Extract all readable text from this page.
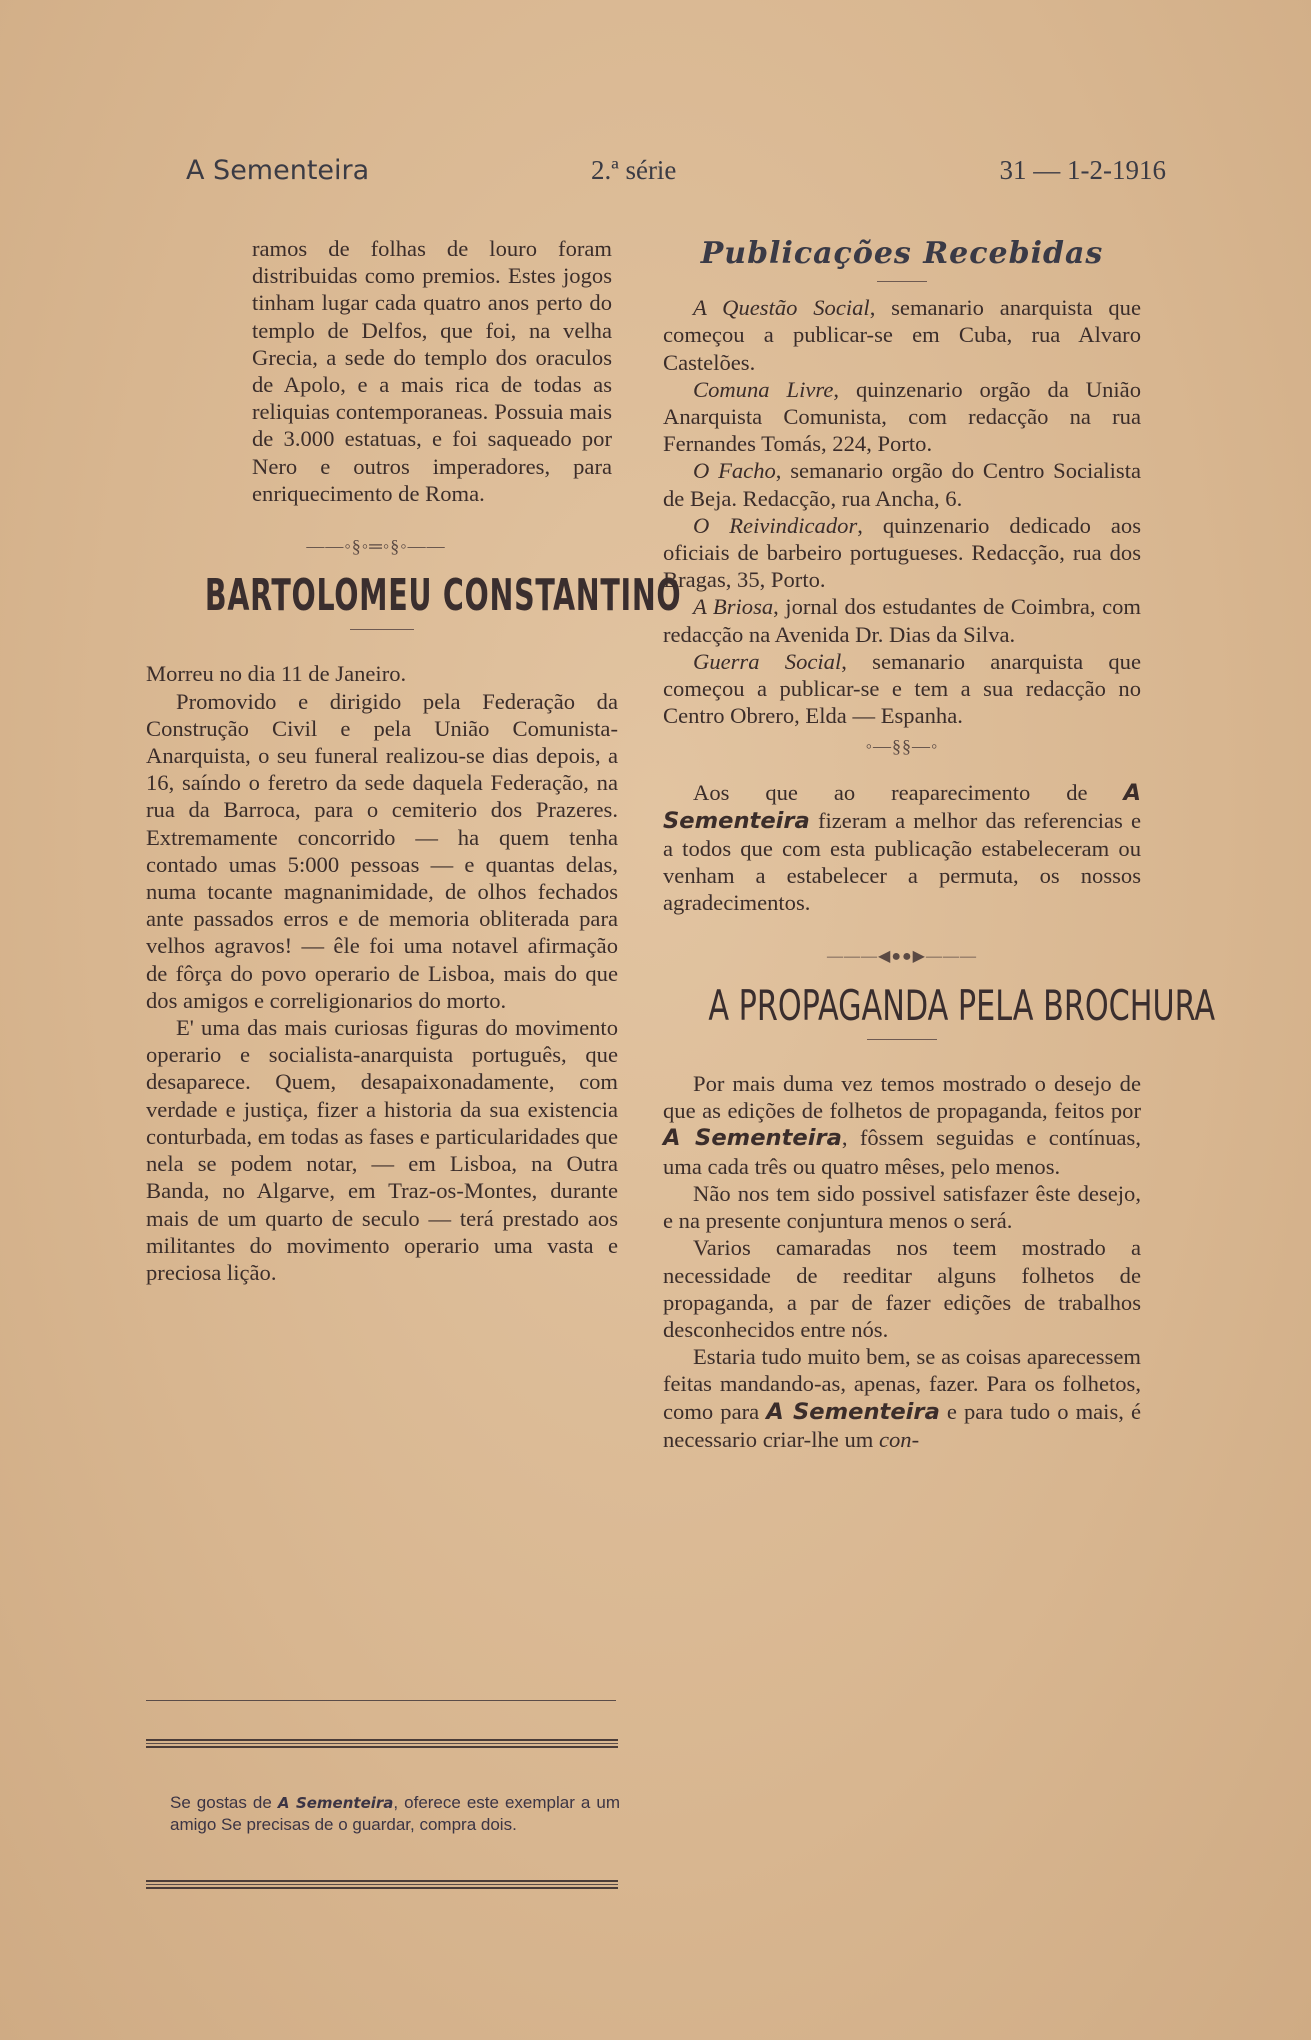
A Sementeira	2.ª série	31 — 1-2-1916

ramos de folhas de louro foram distribuidas como premios. Estes jogos tinham lugar cada quatro anos perto do templo de Delfos, que foi, na velha Grecia, a sede do templo dos oraculos de Apolo, e a mais rica de todas as reliquias contemporaneas. Possuia mais de 3.000 estatuas, e foi saqueado por Nero e outros imperadores, para enriquecimento de Roma.

——◦§◦═◦§◦——
BARTOLOMEU CONSTANTINO

Morreu no dia 11 de Janeiro.

Promovido e dirigido pela Federação da Construção Civil e pela União Comunista-Anarquista, o seu funeral realizou-se dias depois, a 16, saíndo o feretro da sede daquela Federação, na rua da Barroca, para o cemiterio dos Prazeres. Extremamente concorrido — ha quem tenha contado umas 5:000 pessoas — e quantas delas, numa tocante magnanimidade, de olhos fechados ante passados erros e de memoria obliterada para velhos agravos! — êle foi uma notavel afirmação de fôrça do povo operario de Lisboa, mais do que dos amigos e correligionarios do morto.

E' uma das mais curiosas figuras do movimento operario e socialista-anarquista português, que desaparece. Quem, desapaixonadamente, com verdade e justiça, fizer a historia da sua existencia conturbada, em todas as fases e particularidades que nela se podem notar, — em Lisboa, na Outra Banda, no Algarve, em Traz-os-Montes, durante mais de um quarto de seculo — terá prestado aos militantes do movimento operario uma vasta e preciosa lição.

Se gostas de A Sementeira, oferece este exemplar a um amigo Se precisas de o guardar, compra dois.
Publicações Recebidas

A Questão Social, semanario anarquista que começou a publicar-se em Cuba, rua Alvaro Castelões.

Comuna Livre, quinzenario orgão da União Anarquista Comunista, com redacção na rua Fernandes Tomás, 224, Porto.

O Facho, semanario orgão do Centro Socialista de Beja. Redacção, rua Ancha, 6.

O Reivindicador, quinzenario dedicado aos oficiais de barbeiro portugueses. Redacção, rua dos Bragas, 35, Porto.

A Briosa, jornal dos estudantes de Coimbra, com redacção na Avenida Dr. Dias da Silva.

Guerra Social, semanario anarquista que começou a publicar-se e tem a sua redacção no Centro Obrero, Elda — Espanha.

◦—§§—◦

Aos que ao reaparecimento de A Sementeira fizeram a melhor das referencias e a todos que com esta publicação estabeleceram ou venham a estabelecer a permuta, os nossos agradecimentos.

———◀●●▶———
A PROPAGANDA PELA BROCHURA

Por mais duma vez temos mostrado o desejo de que as edições de folhetos de propaganda, feitos por A Sementeira, fôssem seguidas e contínuas, uma cada três ou quatro mêses, pelo menos.

Não nos tem sido possivel satisfazer êste desejo, e na presente conjuntura menos o será.

Varios camaradas nos teem mostrado a necessidade de reeditar alguns folhetos de propaganda, a par de fazer edições de trabalhos desconhecidos entre nós.

Estaria tudo muito bem, se as coisas aparecessem feitas mandando-as, apenas, fazer. Para os folhetos, como para A Sementeira e para tudo o mais, é necessario criar-lhe um con-
